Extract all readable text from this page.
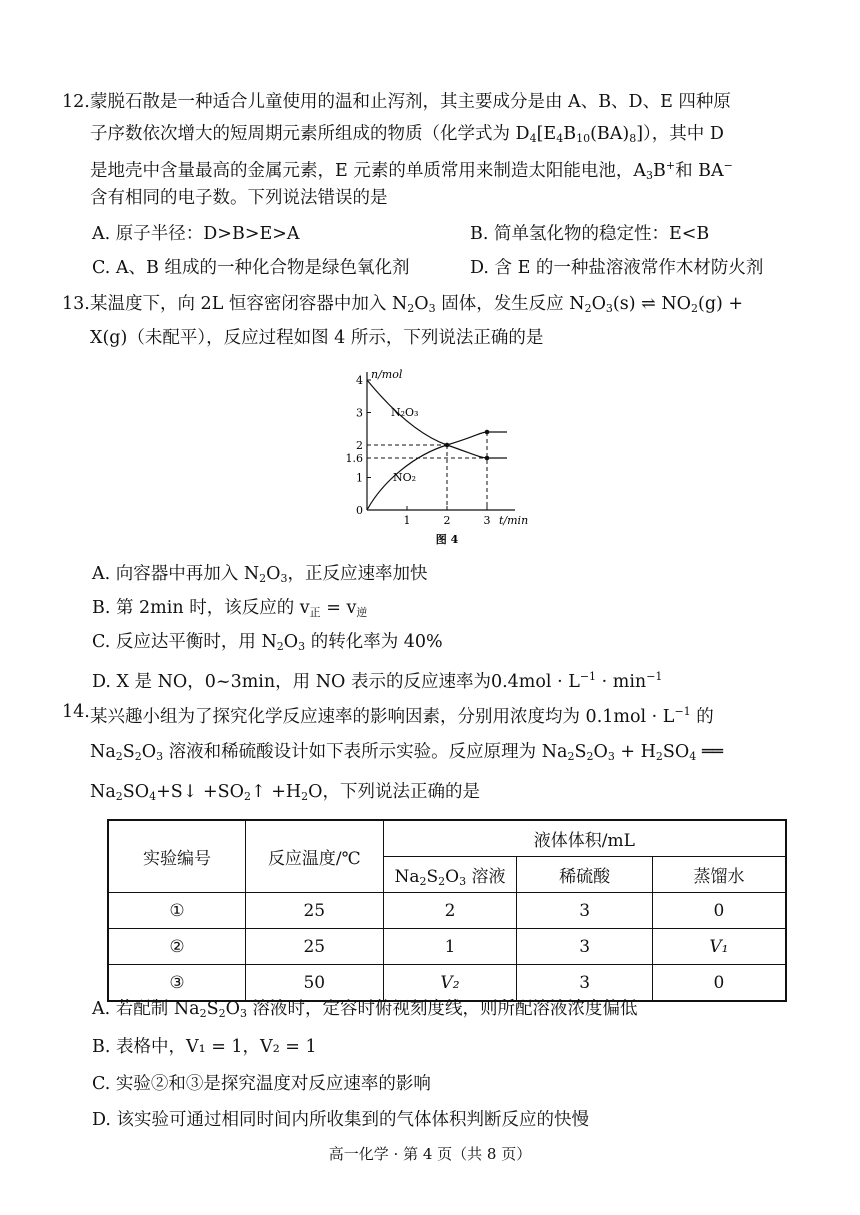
12. 蒙脱石散是一种适合儿童使用的温和止泻剂，其主要成分是由 A、B、D、E 四种原
子序数依次增大的短周期元素所组成的物质（化学式为 $D_4[E_4B_{10}(BA)_8]$），其中 D
是地壳中含量最高的金属元素，E 元素的单质常用来制造太阳能电池，$A_3B^+$和 BA−
含有相同的电子数。下列说法错误的是
A. 原子半径：D>B>E>A	B. 简单氢化物的稳定性：E<B
C. A、B 组成的一种化合物是绿色氧化剂	D. 含 E 的一种盐溶液常作木材防火剂
13. 某温度下，向 2L 恒容密闭容器中加入 $N_2O_3$ 固体，发生反应 $N_2O_3(s)$ ⇌ $NO_2(g)$ +
X(g)（未配平），反应过程如图 4 所示，下列说法正确的是
0
1
1.6
2
3
4
1	2	3
N₂O₃
NO₂
n/mol
t/min
图 4
A. 向容器中再加入 $N_2O_3$，正反应速率加快
B. 第 2min 时，该反应的 $v_正 = v_逆$
C. 反应达平衡时，用 $N_2O_3$ 的转化率为 40%
D. X 是 NO，0~3min，用 NO 表示的反应速率为$0.4mol \cdot L^{-1} \cdot \min^{-1}$
14. 某兴趣小组为了探究化学反应速率的影响因素，分别用浓度均为 $0.1mol \cdot L^{-1}$ 的
$Na_2S_2O_3$ 溶液和稀硫酸设计如下表所示实验。反应原理为 $Na_2S_2O_3 + H_2SO_4$ ══
$Na_2SO_4+S↓$ $+SO_2↑ +H_2O$，下列说法正确的是
实验编号	反应温度/℃	液体体积/mL		
		$Na_2S_2O_3$ 溶液	稀硫酸	蒸馏水
①	25	2	3	0
②	25	1	3	V₁
③	50	V₂	3	0
A. 若配制 $Na_2S_2O_3$ 溶液时，定容时俯视刻度线，则所配溶液浓度偏低
B. 表格中，V₁ = 1，V₂ = 1
C. 实验②和③是探究温度对反应速率的影响
D. 该实验可通过相同时间内所收集到的气体体积判断反应的快慢
高一化学 · 第 4 页（共 8 页）
